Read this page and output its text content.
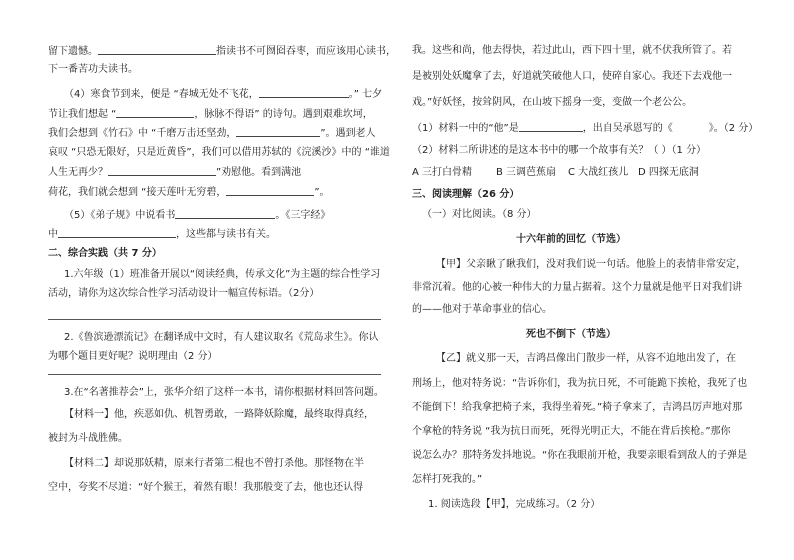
留下遗憾。	指读书不可囫囵吞枣，而应该用心读书，
下一番苦功夫读书。
（4）寒食节到来，便是 “春城无处不飞花，	。” 七夕
节让我们想起 “	，脉脉不得语” 的诗句。遇到艰难坎坷，
我们会想到《竹石》中 “千磨万击还坚劲，	”。遇到老人
哀叹 “只恐无限好，只是近黄昏”，我们可以借用苏轼的《浣溪沙》中的 “谁道
人生无再少？	”劝慰他。看到满池
荷花，我们就会想到 “接天莲叶无穷碧，	”。
（5）《弟子规》中说看书	。《三字经》
中	，这些都与读书有关。
二、综合实践（共 7 分）
1.六年级（1）班准备开展以“阅读经典，传承文化”为主题的综合性学习
活动，请你为这次综合性学习活动设计一幅宣传标语。（2分）
2.《鲁滨逊漂流记》在翻译成中文时，有人建议取名《荒岛求生》。你认
为哪个题目更好呢？说明理由（2 分）
3.在“名著推荐会”上，张华介绍了这样一本书，请你根据材料回答问题。
【材料一】他，疾恶如仇、机智勇敢，一路降妖除魔，最终取得真经，
被封为斗战胜佛。
【材料二】却说那妖精，原来行者第二棍也不曾打杀他。那怪物在半
空中，夸奖不尽道：“好个猴王，着然有眼！我那般变了去，他也还认得
我。这些和尚，他去得快，若过此山，西下四十里，就不伏我所管了。若
是被别处妖魔拿了去，好道就笑破他人口，使碎自家心。我还下去戏他一
戏。”好妖怪，按耸阴风，在山坡下摇身一变，变做一个老公公。
（1）材料一中的“他”是	，出自吴承恩写的《	》。（2 分）
（2）材料二所讲述的是这本书中的哪一个故事有关？（ ）（1 分）
A 三打白骨精 B 三调芭蕉扇 C 大战红孩儿 D 四探无底洞
三、阅读理解（26 分）
（一）对比阅读。（8 分）
十六年前的回忆（节选）
【甲】父亲瞅了瞅我们，没对我们说一句话。他脸上的表情非常安定，
非常沉着。他的心被一种伟大的力量占据着。这个力量就是他平日对我们讲
的——他对于革命事业的信心。
死也不倒下（节选）
【乙】就义那一天，吉鸿昌像出门散步一样，从容不迫地出发了，在
刑场上，他对特务说：“告诉你们，我为抗日死，不可能跪下挨枪，我死了也
不能倒下！给我拿把椅子来，我得坐着死。”椅子拿来了，吉鸿昌厉声地对那
个拿枪的特务说 “我为抗日而死，死得光明正大，不能在背后挨枪。”那你
说怎么办？那特务发抖地说。“你在我眼前开枪，我要亲眼看到敌人的子弹是
怎样打死我的。”
1. 阅读选段【甲】，完成练习。（2 分）
